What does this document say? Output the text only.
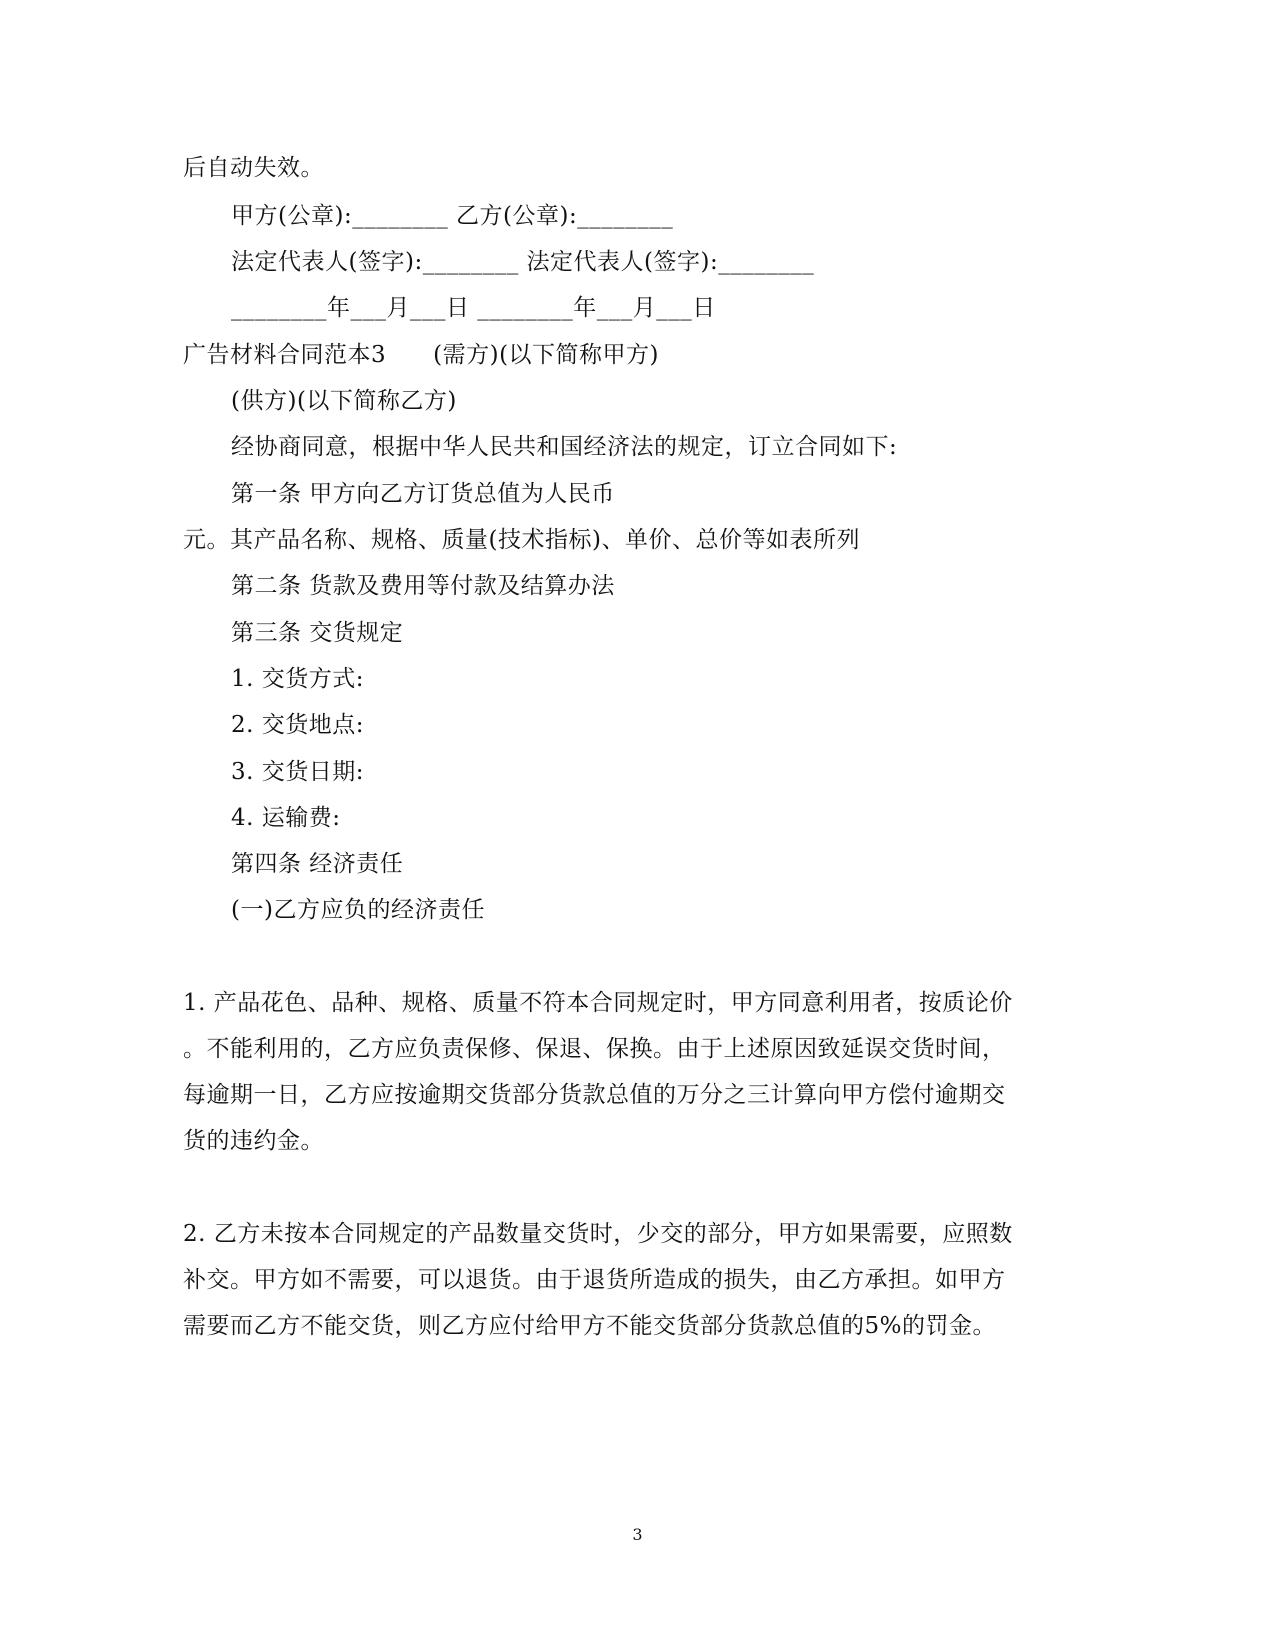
后自动失效。
甲方(公章):________ 乙方(公章):________
法定代表人(签字):________ 法定代表人(签字):________
________年___月___日 ________年___月___日
广告材料合同范本3　　(需方)(以下简称甲方)
(供方)(以下简称乙方)
经协商同意，根据中华人民共和国经济法的规定，订立合同如下:
第一条 甲方向乙方订货总值为人民币
元。其产品名称、规格、质量(技术指标)、单价、总价等如表所列
第二条 货款及费用等付款及结算办法
第三条 交货规定
1. 交货方式:
2. 交货地点:
3. 交货日期:
4. 运输费:
第四条 经济责任
(一)乙方应负的经济责任
1. 产品花色、品种、规格、质量不符本合同规定时，甲方同意利用者，按质论价
。不能利用的，乙方应负责保修、保退、保换。由于上述原因致延误交货时间，
每逾期一日，乙方应按逾期交货部分货款总值的万分之三计算向甲方偿付逾期交
货的违约金。
2. 乙方未按本合同规定的产品数量交货时，少交的部分，甲方如果需要，应照数
补交。甲方如不需要，可以退货。由于退货所造成的损失，由乙方承担。如甲方
需要而乙方不能交货，则乙方应付给甲方不能交货部分货款总值的5%的罚金。
3
